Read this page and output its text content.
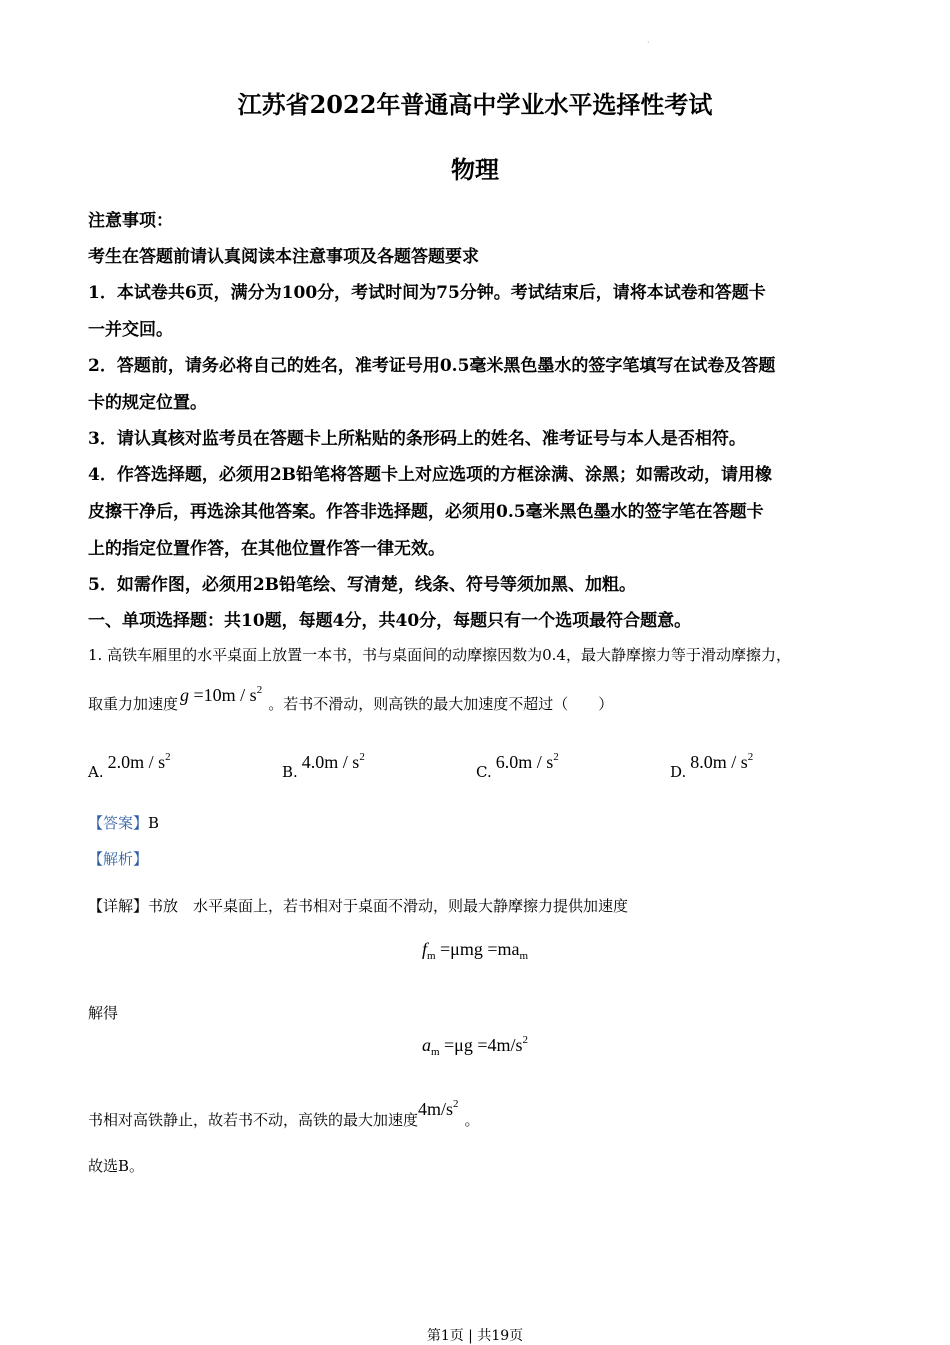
·
江苏省2022年普通高中学业水平选择性考试
物理
注意事项：
考生在答题前请认真阅读本注意事项及各题答题要求
1．本试卷共6页，满分为100分，考试时间为75分钟。考试结束后，请将本试卷和答题卡
一并交回。
2．答题前，请务必将自己的姓名，准考证号用0.5毫米黑色墨水的签字笔填写在试卷及答题
卡的规定位置。
3．请认真核对监考员在答题卡上所粘贴的条形码上的姓名、准考证号与本人是否相符。
4．作答选择题，必须用2B铅笔将答题卡上对应选项的方框涂满、涂黑；如需改动，请用橡
皮擦干净后，再选涂其他答案。作答非选择题，必须用0.5毫米黑色墨水的签字笔在答题卡
上的指定位置作答，在其他位置作答一律无效。
5．如需作图，必须用2B铅笔绘、写清楚，线条、符号等须加黑、加粗。
一、单项选择题：共10题，每题4分，共40分，每题只有一个选项最符合题意。
1. 高铁车厢里的水平桌面上放置一本书，书与桌面间的动摩擦因数为0.4，最大静摩擦力等于滑动摩擦力，
取重力加速度 $g =10m / s^2$。若书不滑动，则高铁的最大加速度不超过（　　）
A. $2.0m / s^2$
B. $4.0m / s^2$
C. $6.0m / s^2$
D. $8.0m / s^2$
【答案】B
【解析】
【详解】书放　水平桌面上，若书相对于桌面不滑动，则最大静摩擦力提供加速度
$f_m =\mu mg =ma_m$
解得
$a_m =\mu g =4m/s^2$
书相对高铁静止，故若书不动，高铁的最大加速度$4m/s^2$。
故选B。
第1页 | 共19页
